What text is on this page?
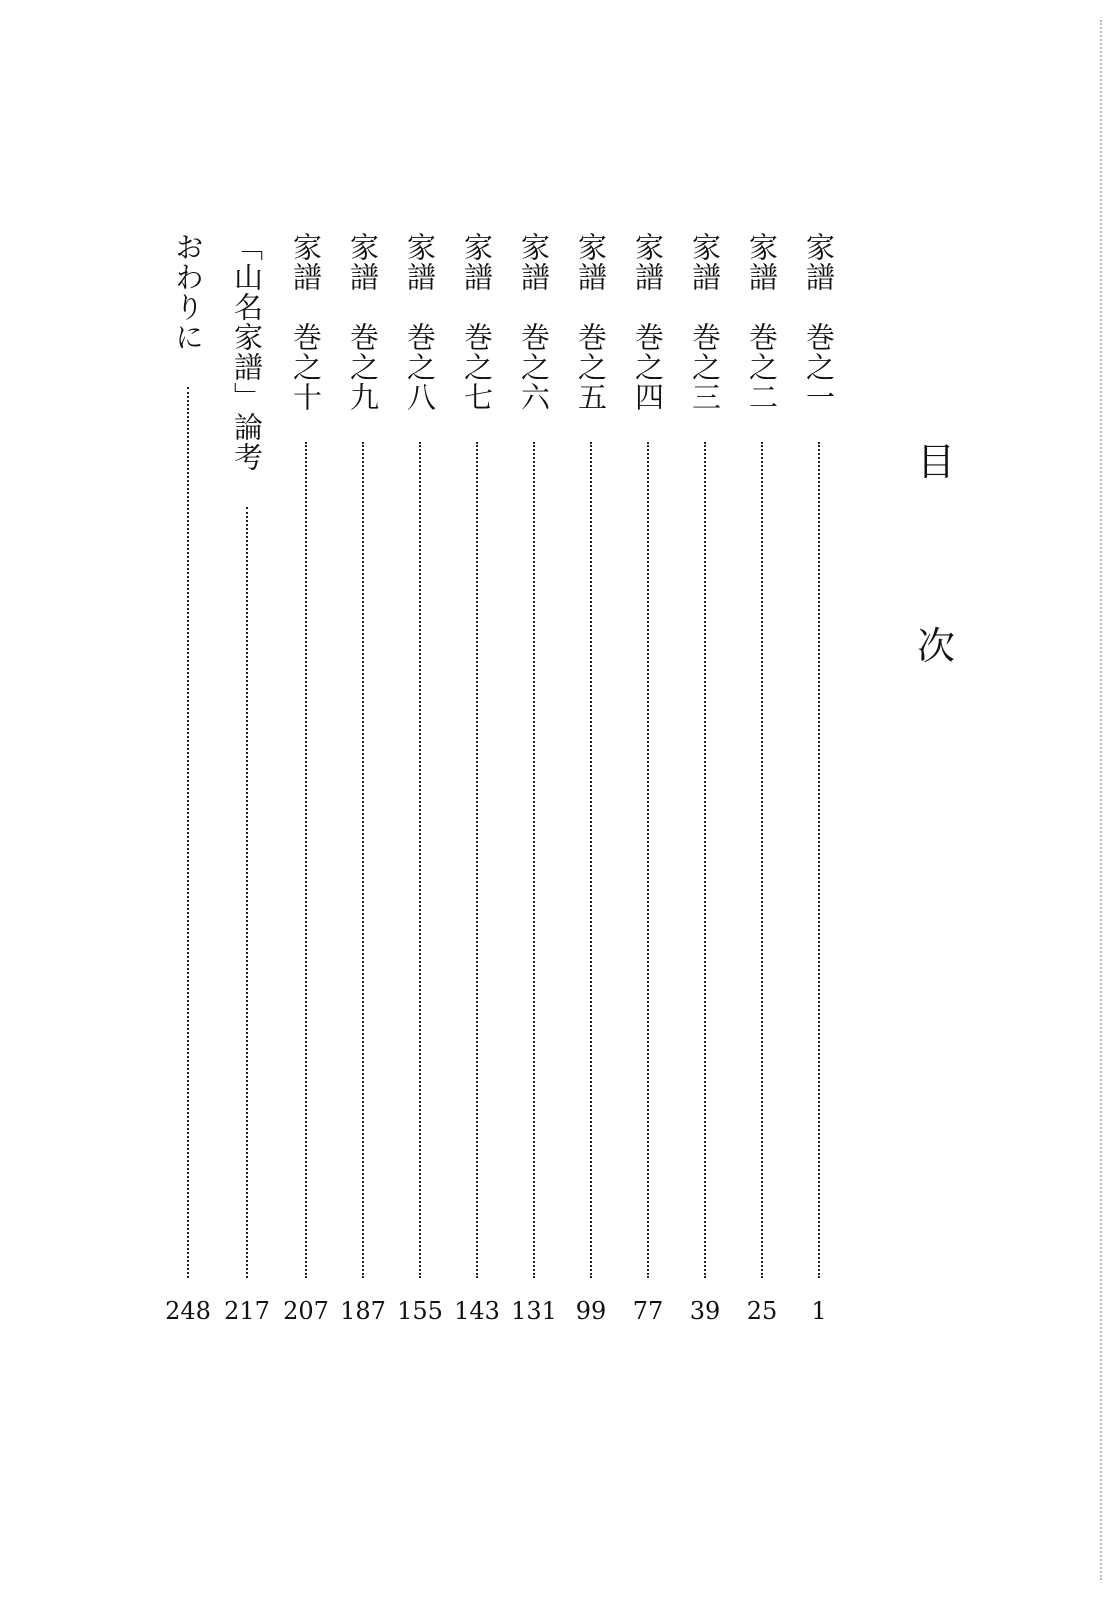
目
次
家譜　巻之一
家譜　巻之二
家譜　巻之三
家譜　巻之四
家譜　巻之五
家譜　巻之六
家譜　巻之七
家譜　巻之八
家譜　巻之九
家譜　巻之十
「山名家譜」論考
おわりに
1
25
39
77
99
131
143
155
187
207
217
248
